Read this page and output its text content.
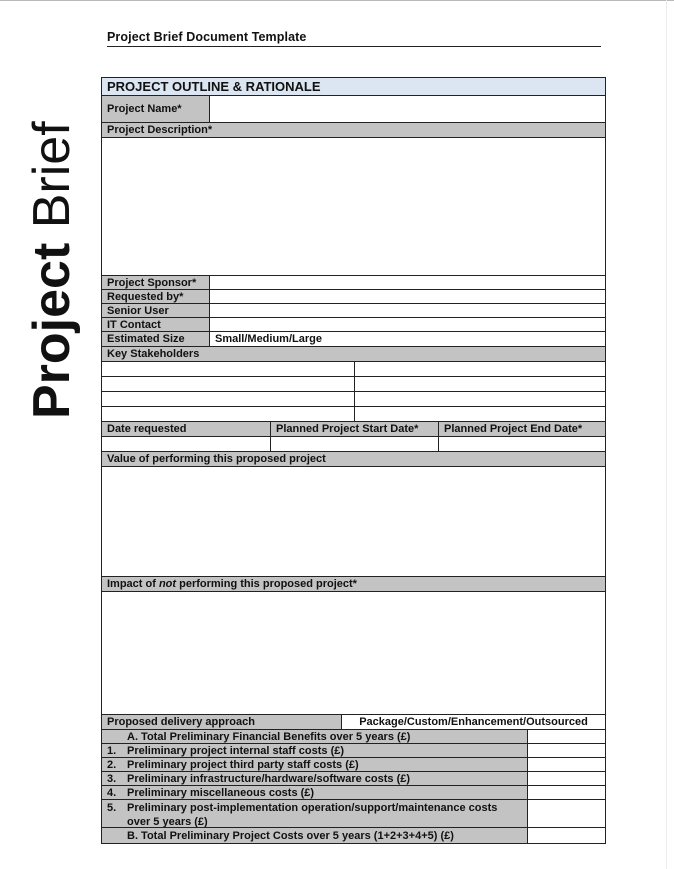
Project Brief Document Template
Project Brief
PROJECT OUTLINE & RATIONALE
Project Name*
Project Description*
Project Sponsor*
Requested by*
Senior User
IT Contact
Estimated Size	Small/Medium/Large
Key Stakeholders
Date requested	Planned Project Start Date*	Planned Project End Date*
Value of performing this proposed project
Impact of not performing this proposed project*
Proposed delivery approach	Package/Custom/Enhancement/Outsourced
A. Total Preliminary Financial Benefits over 5 years (£)
1. Preliminary project internal staff costs (£)
2. Preliminary project third party staff costs (£)
3. Preliminary infrastructure/hardware/software costs (£)
4. Preliminary miscellaneous costs (£)
5. Preliminary post-implementation operation/support/maintenance costs
over 5 years (£)
B. Total Preliminary Project Costs over 5 years (1+2+3+4+5) (£)
